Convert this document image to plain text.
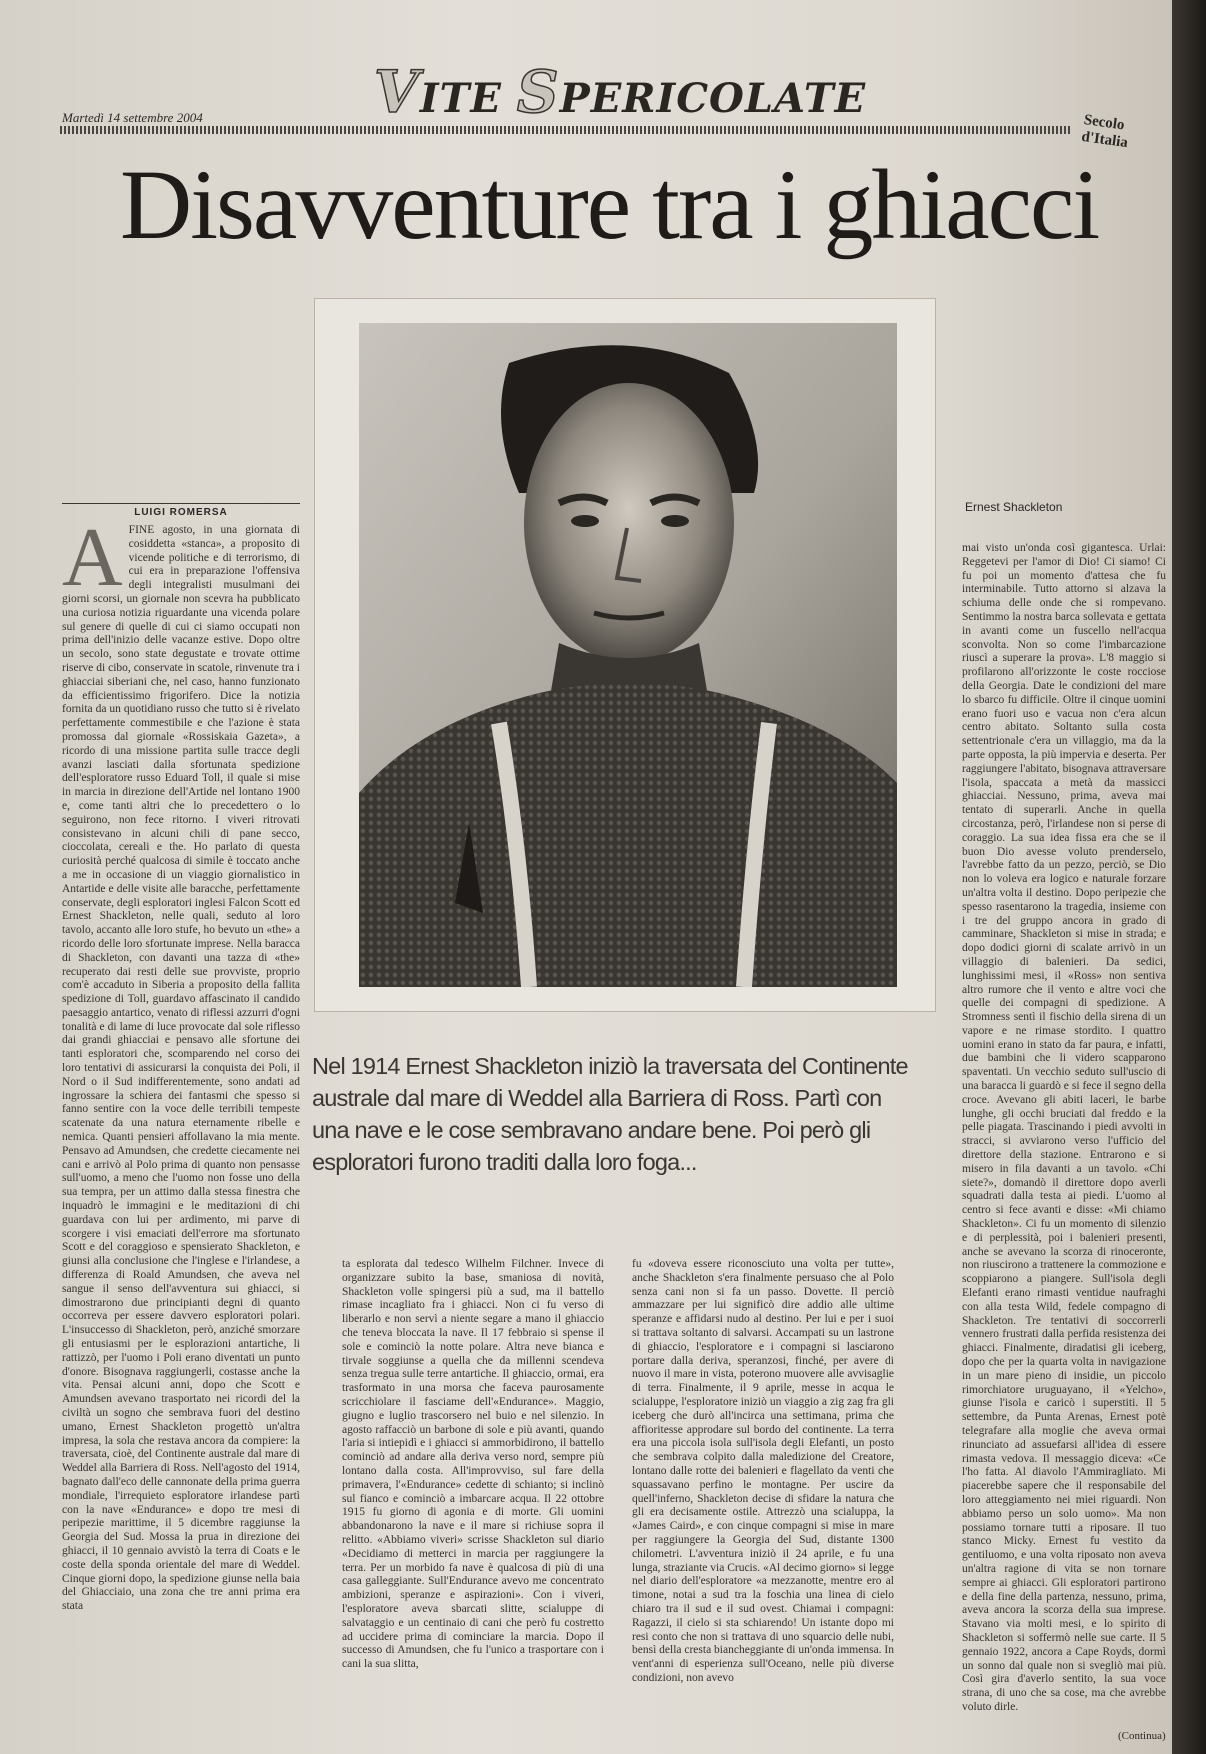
VITE SPERICOLATE
Martedì 14 settembre 2004	Secolo d'Italia
Disavventure tra i ghiacci
Ernest Shackleton
LUIGI ROMERSA
AFINE agosto, in una giornata di cosiddetta «stanca», a proposito di vicende politiche e di terrorismo, di cui era in preparazione l'offensiva degli integralisti musulmani dei giorni scorsi, un giornale non scevra ha pubblicato una curiosa notizia riguardante una vicenda polare sul genere di quelle di cui ci siamo occupati non prima dell'inizio delle vacanze estive. Dopo oltre un secolo, sono state degustate e trovate ottime riserve di cibo, conservate in scatole, rinvenute tra i ghiacciai siberiani che, nel caso, hanno funzionato da efficientissimo frigorifero. Dice la notizia fornita da un quotidiano russo che tutto si è rivelato perfettamente commestibile e che l'azione è stata promossa dal giornale «Rossiskaia Gazeta», a ricordo di una missione partita sulle tracce degli avanzi lasciati dalla sfortunata spedizione dell'esploratore russo Eduard Toll, il quale si mise in marcia in direzione dell'Artide nel lontano 1900 e, come tanti altri che lo precedettero o lo seguirono, non fece ritorno. I viveri ritrovati consistevano in alcuni chili di pane secco, cioccolata, cereali e the. Ho parlato di questa curiosità perché qualcosa di simile è toccato anche a me in occasione di un viaggio giornalistico in Antartide e delle visite alle baracche, perfettamente conservate, degli esploratori inglesi Falcon Scott ed Ernest Shackleton, nelle quali, seduto al loro tavolo, accanto alle loro stufe, ho bevuto un «the» a ricordo delle loro sfortunate imprese. Nella baracca di Shackleton, con davanti una tazza di «the» recuperato dai resti delle sue provviste, proprio com'è accaduto in Siberia a proposito della fallita spedizione di Toll, guardavo affascinato il candido paesaggio antartico, venato di riflessi azzurri d'ogni tonalità e di lame di luce provocate dal sole riflesso dai grandi ghiacciai e pensavo alle sfortune dei tanti esploratori che, scomparendo nel corso dei loro tentativi di assicurarsi la conquista dei Poli, il Nord o il Sud indifferentemente, sono andati ad ingrossare la schiera dei fantasmi che spesso si fanno sentire con la voce delle terribili tempeste scatenate da una natura eternamente ribelle e nemica. Quanti pensieri affollavano la mia mente. Pensavo ad Amundsen, che credette ciecamente nei cani e arrivò al Polo prima di quanto non pensasse sull'uomo, a meno che l'uomo non fosse uno della sua tempra, per un attimo dalla stessa finestra che inquadrò le immagini e le meditazioni di chi guardava con lui per ardimento, mi parve di scorgere i visi emaciati dell'errore ma sfortunato Scott e del coraggioso e spensierato Shackleton, e giunsi alla conclusione che l'inglese e l'irlandese, a differenza di Roald Amundsen, che aveva nel sangue il senso dell'avventura sui ghiacci, si dimostrarono due principianti degni di quanto occorreva per essere davvero esploratori polari. L'insuccesso di Shackleton, però, anziché smorzare gli entusiasmi per le esplorazioni antartiche, li rattizzò, per l'uomo i Poli erano diventati un punto d'onore. Bisognava raggiungerli, costasse anche la vita. Pensai alcuni anni, dopo che Scott e Amundsen avevano trasportato nei ricordi del la civiltà un sogno che sembrava fuori del destino umano, Ernest Shackleton progettò un'altra impresa, la sola che restava ancora da compiere: la traversata, cioè, del Continente australe dal mare di Weddel alla Barriera di Ross. Nell'agosto del 1914, bagnato dall'eco delle cannonate della prima guerra mondiale, l'irrequieto esploratore irlandese partì con la nave «Endurance» e dopo tre mesi di peripezie marittime, il 5 dicembre raggiunse la Georgia del Sud. Mossa la prua in direzione dei ghiacci, il 10 gennaio avvistò la terra di Coats e le coste della sponda orientale del mare di Weddel. Cinque giorni dopo, la spedizione giunse nella baia del Ghiacciaio, una zona che tre anni prima era stata
Nel 1914 Ernest Shackleton iniziò la traversata del Continente australe dal mare di Weddel alla Barriera di Ross. Partì con una nave e le cose sembravano andare bene. Poi però gli esploratori furono traditi dalla loro foga...
ta esplorata dal tedesco Wilhelm Filchner. Invece di organizzare subito la base, smaniosa di novità, Shackleton volle spingersi più a sud, ma il battello rimase incagliato fra i ghiacci. Non ci fu verso di liberarlo e non servì a niente segare a mano il ghiaccio che teneva bloccata la nave. Il 17 febbraio si spense il sole e cominciò la notte polare. Altra neve bianca e tirvale soggiunse a quella che da millenni scendeva senza tregua sulle terre antartiche. Il ghiaccio, ormai, era trasformato in una morsa che faceva paurosamente scricchiolare il fasciame dell'«Endurance». Maggio, giugno e luglio trascorsero nel buio e nel silenzio. In agosto raffacciò un barbone di sole e più avanti, quando l'aria si intiepidì e i ghiacci si ammorbidirono, il battello cominciò ad andare alla deriva verso nord, sempre più lontano dalla costa. All'improvviso, sul fare della primavera, l'«Endurance» cedette di schianto; si inclinò sul fianco e cominciò a imbarcare acqua. Il 22 ottobre 1915 fu giorno di agonia e di morte. Gli uomini abbandonarono la nave e il mare si richiuse sopra il relitto. «Abbiamo viveri» scrisse Shackleton sul diario «Decidiamo di metterci in marcia per raggiungere la terra. Per un morbido fa nave è qualcosa di più di una casa galleggiante. Sull'Endurance avevo me concentrato ambizioni, speranze e aspirazioni». Con i viveri, l'esploratore aveva sbarcati slitte, scialuppe di salvataggio e un centinaio di cani che però fu costretto ad uccidere prima di cominciare la marcia. Dopo il successo di Amundsen, che fu l'unico a trasportare con i cani la sua slitta,
fu «doveva essere riconosciuto una volta per tutte», anche Shackleton s'era finalmente persuaso che al Polo senza cani non si fa un passo. Dovette. Il perciò ammazzare per lui significò dire addio alle ultime speranze e affidarsi nudo al destino. Per lui e per i suoi si trattava soltanto di salvarsi. Accampati su un lastrone di ghiaccio, l'esploratore e i compagni si lasciarono portare dalla deriva, speranzosi, finché, per avere di nuovo il mare in vista, poterono muovere alle avvisaglie di terra. Finalmente, il 9 aprile, messe in acqua le scialuppe, l'esploratore iniziò un viaggio a zig zag fra gli iceberg che durò all'incirca una settimana, prima che affioritesse approdare sul bordo del continente. La terra era una piccola isola sull'isola degli Elefanti, un posto che sembrava colpito dalla maledizione del Creatore, lontano dalle rotte dei balenieri e flagellato da venti che squassavano perfino le montagne. Per uscire da quell'inferno, Shackleton decise di sfidare la natura che gli era decisamente ostile. Attrezzò una scialuppa, la «James Caird», e con cinque compagni si mise in mare per raggiungere la Georgia del Sud, distante 1300 chilometri. L'avventura iniziò il 24 aprile, e fu una lunga, straziante via Crucis. «Al decimo giorno» si legge nel diario dell'esploratore «a mezzanotte, mentre ero al timone, notai a sud tra la foschia una linea di cielo chiaro tra il sud e il sud ovest. Chiamai i compagni: Ragazzi, il cielo si sta schiarendo! Un istante dopo mi resi conto che non si trattava di uno squarcio delle nubi, bensì della cresta biancheggiante di un'onda immensa. In vent'anni di esperienza sull'Oceano, nelle più diverse condizioni, non avevo
mai visto un'onda così gigantesca. Urlai: Reggetevi per l'amor di Dio! Ci siamo! Ci fu poi un momento d'attesa che fu interminabile. Tutto attorno si alzava la schiuma delle onde che si rompevano. Sentimmo la nostra barca sollevata e gettata in avanti come un fuscello nell'acqua sconvolta. Non so come l'imbarcazione riuscì a superare la prova». L'8 maggio si profilarono all'orizzonte le coste rocciose della Georgia. Date le condizioni del mare lo sbarco fu difficile. Oltre il cinque uomini erano fuori uso e vacua non c'era alcun centro abitato. Soltanto sulla costa settentrionale c'era un villaggio, ma da la parte opposta, la più impervia e deserta. Per raggiungere l'abitato, bisognava attraversare l'isola, spaccata a metà da massicci ghiacciai. Nessuno, prima, aveva mai tentato di superarli. Anche in quella circostanza, però, l'irlandese non si perse di coraggio. La sua idea fissa era che se il buon Dio avesse voluto prenderselo, l'avrebbe fatto da un pezzo, perciò, se Dio non lo voleva era logico e naturale forzare un'altra volta il destino. Dopo peripezie che spesso rasentarono la tragedia, insieme con i tre del gruppo ancora in grado di camminare, Shackleton si mise in strada; e dopo dodici giorni di scalate arrivò in un villaggio di balenieri. Da sedici, lunghissimi mesi, il «Ross» non sentiva altro rumore che il vento e altre voci che quelle dei compagni di spedizione. A Stromness sentì il fischio della sirena di un vapore e ne rimase stordito. I quattro uomini erano in stato da far paura, e infatti, due bambini che li videro scapparono spaventati. Un vecchio seduto sull'uscio di una baracca li guardò e si fece il segno della croce. Avevano gli abiti laceri, le barbe lunghe, gli occhi bruciati dal freddo e la pelle piagata. Trascinando i piedi avvolti in stracci, si avviarono verso l'ufficio del direttore della stazione. Entrarono e si misero in fila davanti a un tavolo. «Chi siete?», domandò il direttore dopo averli squadrati dalla testa ai piedi. L'uomo al centro si fece avanti e disse: «Mi chiamo Shackleton». Ci fu un momento di silenzio e di perplessità, poi i balenieri presenti, anche se avevano la scorza di rinoceronte, non riuscirono a trattenere la commozione e scoppiarono a piangere. Sull'isola degli Elefanti erano rimasti ventidue naufraghi con alla testa Wild, fedele compagno di Shackleton. Tre tentativi di soccorrerli vennero frustrati dalla perfida resistenza dei ghiacci. Finalmente, diradatisi gli iceberg, dopo che per la quarta volta in navigazione in un mare pieno di insidie, un piccolo rimorchiatore uruguayano, il «Yelcho», giunse l'isola e caricò i superstiti. Il 5 settembre, da Punta Arenas, Ernest potè telegrafare alla moglie che aveva ormai rinunciato ad assuefarsi all'idea di essere rimasta vedova. Il messaggio diceva: «Ce l'ho fatta. Al diavolo l'Ammiragliato. Mi piacerebbe sapere che il responsabile del loro atteggiamento nei miei riguardi. Non abbiamo perso un solo uomo». Ma non possiamo tornare tutti a riposare. Il tuo stanco Micky. Ernest fu vestito da gentiluomo, e una volta riposato non aveva un'altra ragione di vita se non tornare sempre ai ghiacci. Gli esploratori partirono e della fine della partenza, nessuno, prima, aveva ancora la scorza della sua imprese. Stavano via molti mesi, e lo spirito di Shackleton si soffermò nelle sue carte. Il 5 gennaio 1922, ancora a Cape Royds, dormì un sonno dal quale non si svegliò mai più. Così gira d'averlo sentito, la sua voce strana, di uno che sa cose, ma che avrebbe voluto dirle.
(Continua)
